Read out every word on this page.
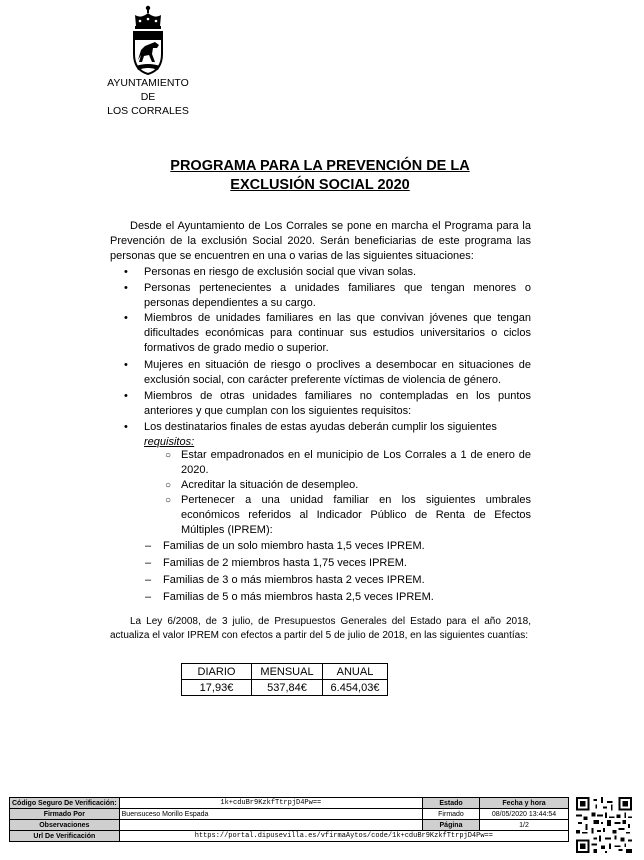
AYUNTAMIENTO
DE
LOS CORRALES
PROGRAMA PARA LA PREVENCIÓN DE LA
EXCLUSIÓN SOCIAL 2020
Desde el Ayuntamiento de Los Corrales se pone en marcha el Programa para la Prevención de la exclusión Social 2020. Serán beneficiarias de este programa las personas que se encuentren en una o varias de las siguientes situaciones:
• Personas en riesgo de exclusión social que vivan solas.
• Personas pertenecientes a unidades familiares que tengan menores o personas dependientes a su cargo.
• Miembros de unidades familiares en las que convivan jóvenes que tengan dificultades económicas para continuar sus estudios universitarios o ciclos formativos de grado medio o superior.
• Mujeres en situación de riesgo o proclives a desembocar en situaciones de exclusión social, con carácter preferente víctimas de violencia de género.
• Miembros de otras unidades familiares no contempladas en los puntos anteriores y que cumplan con los siguientes requisitos:
• Los destinatarios finales de estas ayudas deberán cumplir los siguientes
requisitos:
○ Estar empadronados en el municipio de Los Corrales a 1 de enero de 2020.
○ Acreditar la situación de desempleo.
○ Pertenecer a una unidad familiar en los siguientes umbrales económicos referidos al Indicador Público de Renta de Efectos Múltiples (IPREM):
– Familias de un solo miembro hasta 1,5 veces IPREM.
– Familias de 2 miembros hasta 1,75 veces IPREM.
– Familias de 3 o más miembros hasta 2 veces IPREM.
– Familias de 5 o más miembros hasta 2,5 veces IPREM.
La Ley 6/2008, de 3 julio, de Presupuestos Generales del Estado para el año 2018, actualiza el valor IPREM con efectos a partir del 5 de julio de 2018, en las siguientes cuantías:
DIARIO	MENSUAL	ANUAL
17,93€	537,84€	6.454,03€
Código Seguro De Verificación:	1k+cduBr9KzkfTtrpjD4Pw==	Estado	Fecha y hora
Firmado Por	Buensuceso Morillo Espada	Firmado	08/05/2020 13:44:54
Observaciones		Página	1/2
Url De Verificación	https://portal.dipusevilla.es/vfirmaAytos/code/1k+cduBr9KzkfTtrpjD4Pw==		
